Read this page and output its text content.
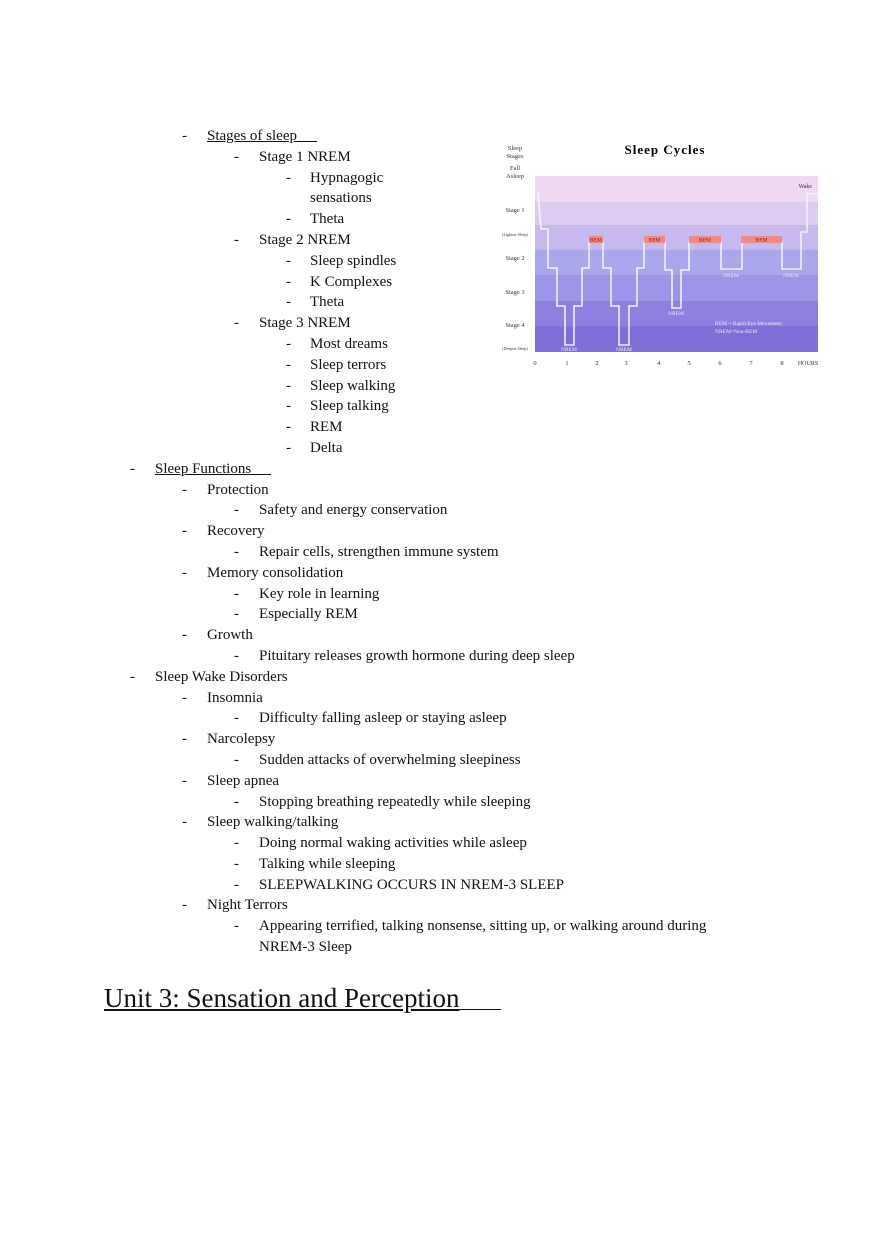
- Stages of sleep
- Stage 1 NREM
- Hypnagogic
sensations
- Theta
- Stage 2 NREM
- Sleep spindles
- K Complexes
- Theta
- Stage 3 NREM
- Most dreams
- Sleep terrors
- Sleep walking
- Sleep talking
- REM
- Delta
- Sleep Functions
- Protection
- Safety and energy conservation
- Recovery
- Repair cells, strengthen immune system
- Memory consolidation
- Key role in learning
- Especially REM
- Growth
- Pituitary releases growth hormone during deep sleep
- Sleep Wake Disorders
- Insomnia
- Difficulty falling asleep or staying asleep
- Narcolepsy
- Sudden attacks of overwhelming sleepiness
- Sleep apnea
- Stopping breathing repeatedly while sleeping
- Sleep walking/talking
- Doing normal waking activities while asleep
- Talking while sleeping
- SLEEPWALKING OCCURS IN NREM-3 SLEEP
- Night Terrors
- Appearing terrified, talking nonsense, sitting up, or walking around during
NREM-3 Sleep
Unit 3: Sensation and Perception
Sleep Cycles
Sleep
Stages
Fall
Asleep
Stage 1
(Lightest Sleep)
Stage 2
Stage 3
Stage 4
(Deepest Sleep)
Wake
0	1	2	3	4	5	6	7	8 HOURS
REM	REM	REM	REM
NREM	NREM
NREM
NREM	NREM
REM = Rapid Eye Movement
NREM=Non-REM
